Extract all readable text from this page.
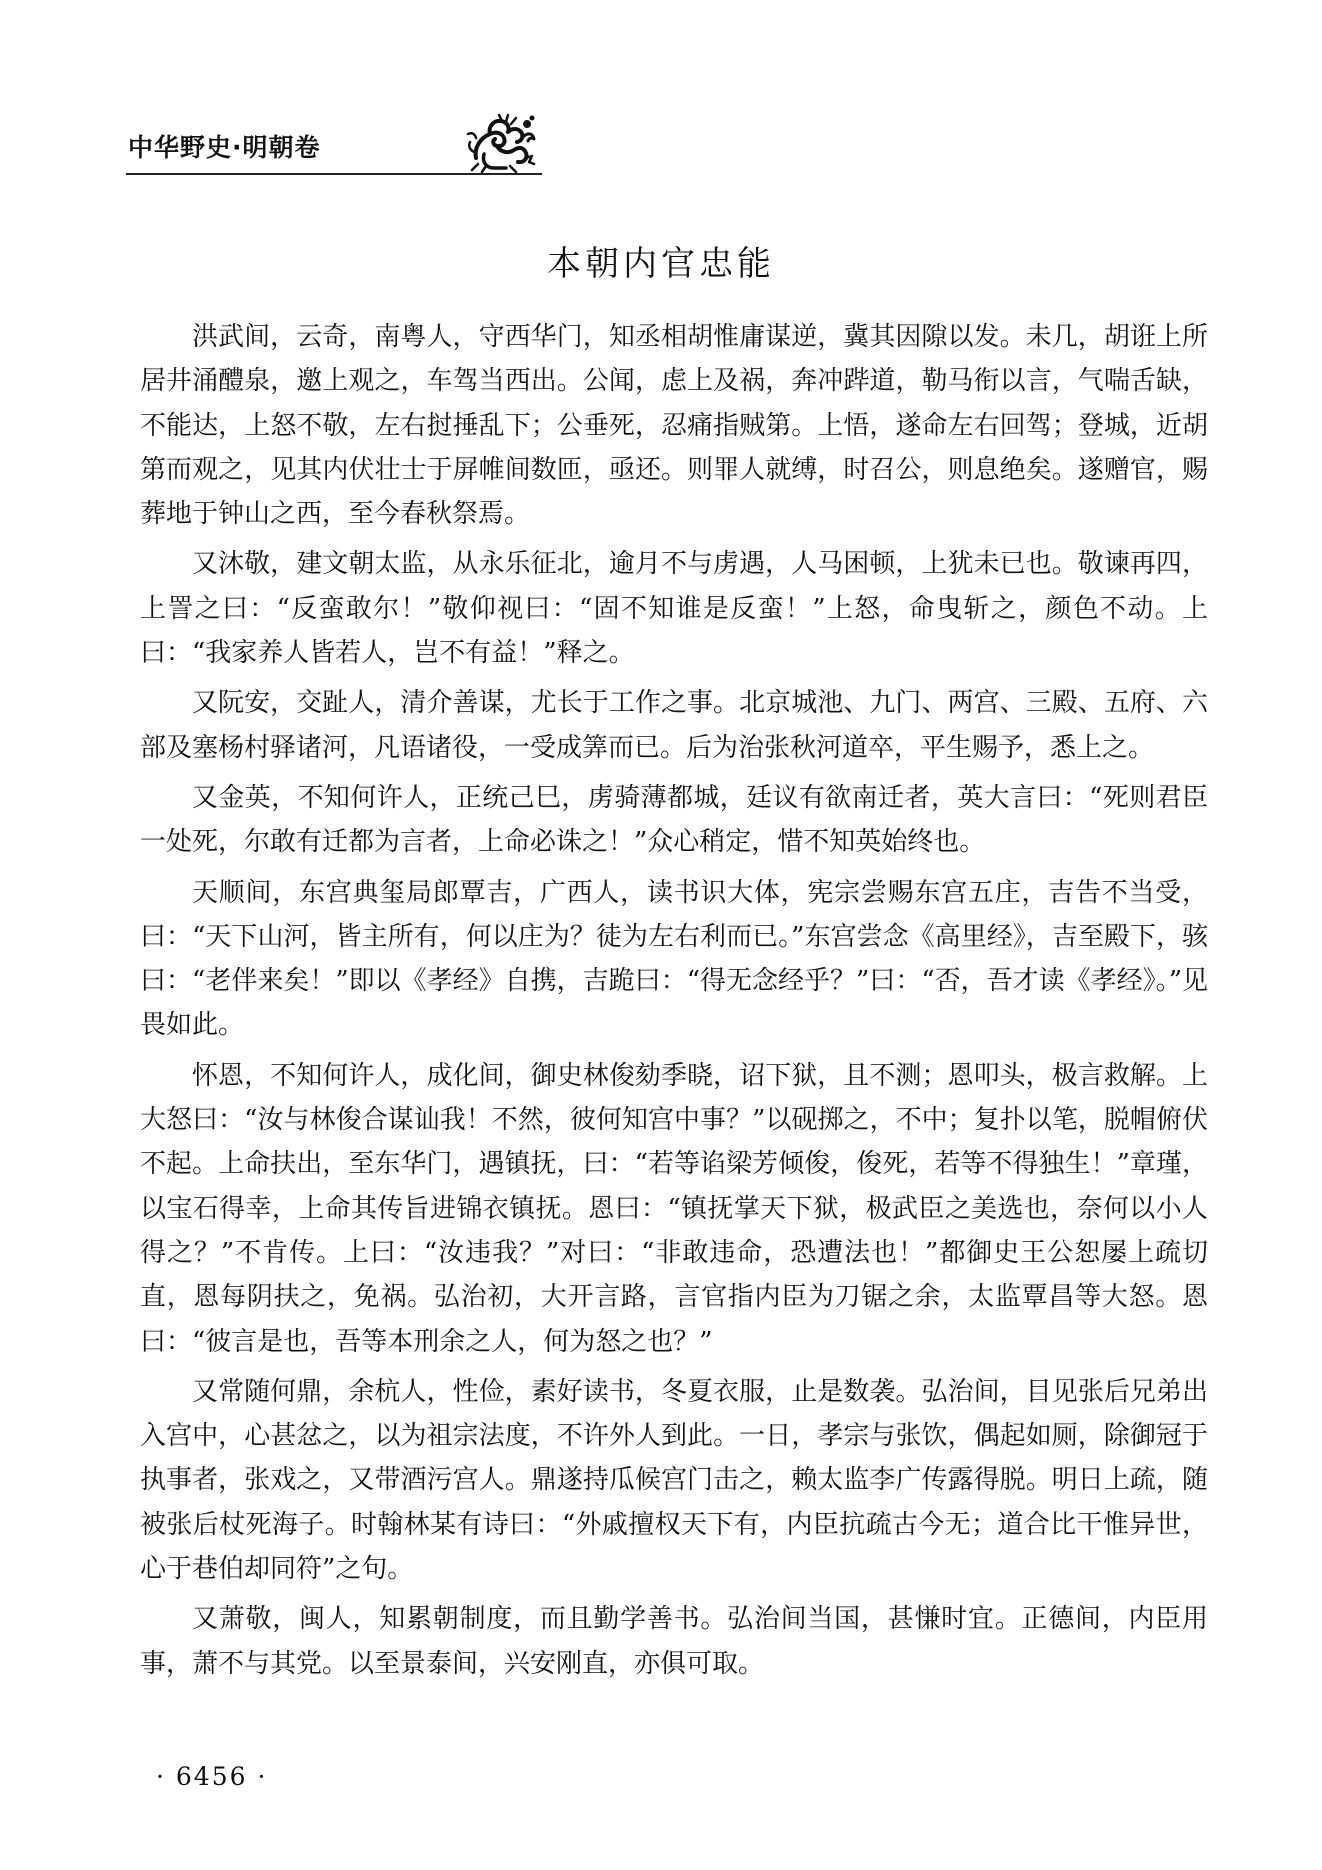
中华野史·明朝卷
本朝内官忠能

洪武间，云奇，南粤人，守西华门，知丞相胡惟庸谋逆，冀其因隙以发。未几，胡诳上所居井涌醴泉，邀上观之，车驾当西出。公闻，虑上及祸，奔冲跸道，勒马衔以言，气喘舌缺，不能达，上怒不敬，左右挝捶乱下；公垂死，忍痛指贼第。上悟，遂命左右回驾；登城，近胡第而观之，见其内伏壮士于屏帷间数匝，亟还。则罪人就缚，时召公，则息绝矣。遂赠官，赐葬地于钟山之西，至今春秋祭焉。

又沐敬，建文朝太监，从永乐征北，逾月不与虏遇，人马困顿，上犹未已也。敬谏再四，上詈之曰：“反蛮敢尔！”敬仰视曰：“固不知谁是反蛮！”上怒，命曳斩之，颜色不动。上曰：“我家养人皆若人，岂不有益！”释之。

又阮安，交趾人，清介善谋，尤长于工作之事。北京城池、九门、两宫、三殿、五府、六部及塞杨村驿诸河，凡语诸役，一受成筭而已。后为治张秋河道卒，平生赐予，悉上之。

又金英，不知何许人，正统己巳，虏骑薄都城，廷议有欲南迁者，英大言曰：“死则君臣一处死，尔敢有迁都为言者，上命必诛之！”众心稍定，惜不知英始终也。

天顺间，东宫典玺局郎覃吉，广西人，读书识大体，宪宗尝赐东宫五庄，吉告不当受，曰：“天下山河，皆主所有，何以庄为？徒为左右利而已。”东宫尝念《高里经》，吉至殿下，骇曰：“老伴来矣！”即以《孝经》自携，吉跪曰：“得无念经乎？”曰：“否，吾才读《孝经》。”见畏如此。

怀恩，不知何许人，成化间，御史林俊劾季晓，诏下狱，且不测；恩叩头，极言救解。上大怒曰：“汝与林俊合谋讪我！不然，彼何知宫中事？”以砚掷之，不中；复扑以笔，脱帽俯伏不起。上命扶出，至东华门，遇镇抚，曰：“若等谄梁芳倾俊，俊死，若等不得独生！”章瑾，以宝石得幸，上命其传旨进锦衣镇抚。恩曰：“镇抚掌天下狱，极武臣之美选也，奈何以小人得之？”不肯传。上曰：“汝违我？”对曰：“非敢违命，恐遭法也！”都御史王公恕屡上疏切直，恩每阴扶之，免祸。弘治初，大开言路，言官指内臣为刀锯之余，太监覃昌等大怒。恩曰：“彼言是也，吾等本刑余之人，何为怒之也？”

又常随何鼎，余杭人，性俭，素好读书，冬夏衣服，止是数袭。弘治间，目见张后兄弟出入宫中，心甚忿之，以为祖宗法度，不许外人到此。一日，孝宗与张饮，偶起如厕，除御冠于执事者，张戏之，又带酒污宫人。鼎遂持瓜候宫门击之，赖太监李广传露得脱。明日上疏，随被张后杖死海子。时翰林某有诗曰：“外戚擅权天下有，内臣抗疏古今无；道合比干惟异世，心于巷伯却同符”之句。

又萧敬，闽人，知累朝制度，而且勤学善书。弘治间当国，甚慊时宜。正德间，内臣用事，萧不与其党。以至景泰间，兴安刚直，亦俱可取。

· 6456 ·
